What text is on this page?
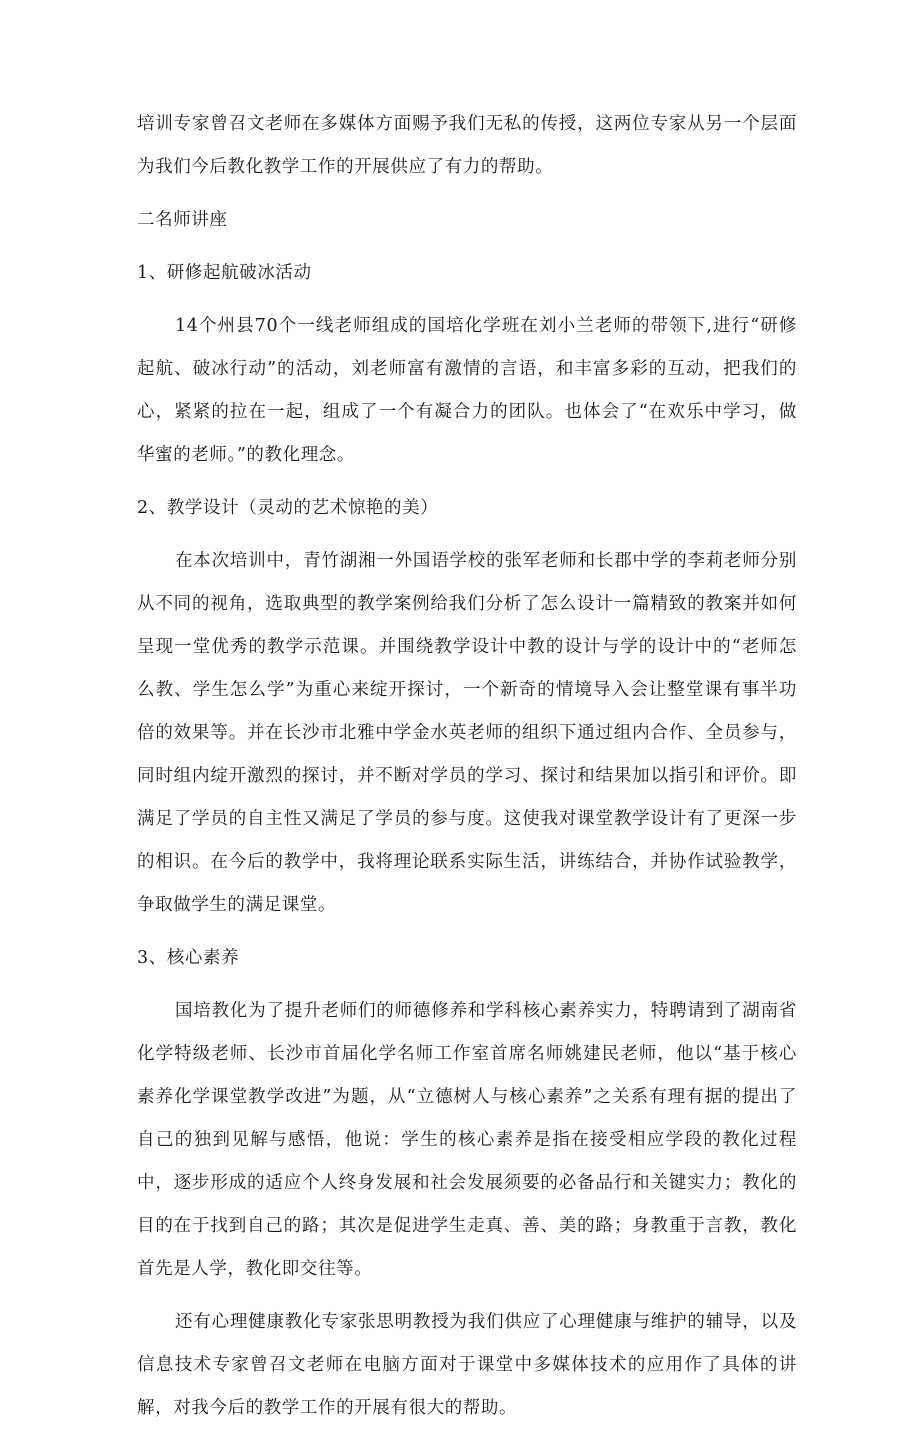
培训专家曾召文老师在多媒体方面赐予我们无私的传授，这两位专家从另一个层面为我们今后教化教学工作的开展供应了有力的帮助。

二名师讲座

1、研修起航破冰活动

14个州县70个一线老师组成的国培化学班在刘小兰老师的带领下,进行“研修起航、破冰行动”的活动，刘老师富有激情的言语，和丰富多彩的互动，把我们的心，紧紧的拉在一起，组成了一个有凝合力的团队。也体会了“在欢乐中学习，做华蜜的老师。”的教化理念。

2、教学设计（灵动的艺术惊艳的美）

在本次培训中，青竹湖湘一外国语学校的张军老师和长郡中学的李莉老师分别从不同的视角，选取典型的教学案例给我们分析了怎么设计一篇精致的教案并如何呈现一堂优秀的教学示范课。并围绕教学设计中教的设计与学的设计中的“老师怎么教、学生怎么学”为重心来绽开探讨，一个新奇的情境导入会让整堂课有事半功倍的效果等。并在长沙市北雅中学金水英老师的组织下通过组内合作、全员参与，同时组内绽开激烈的探讨，并不断对学员的学习、探讨和结果加以指引和评价。即满足了学员的自主性又满足了学员的参与度。这使我对课堂教学设计有了更深一步的相识。在今后的教学中，我将理论联系实际生活，讲练结合，并协作试验教学，争取做学生的满足课堂。

3、核心素养

国培教化为了提升老师们的师德修养和学科核心素养实力，特聘请到了湖南省化学特级老师、长沙市首届化学名师工作室首席名师姚建民老师，他以“基于核心素养化学课堂教学改进”为题，从“立德树人与核心素养”之关系有理有据的提出了自己的独到见解与感悟，他说：学生的核心素养是指在接受相应学段的教化过程中，逐步形成的适应个人终身发展和社会发展须要的必备品行和关键实力；教化的目的在于找到自己的路；其次是促进学生走真、善、美的路；身教重于言教，教化首先是人学，教化即交往等。

还有心理健康教化专家张思明教授为我们供应了心理健康与维护的辅导，以及信息技术专家曾召文老师在电脑方面对于课堂中多媒体技术的应用作了具体的讲解，对我今后的教学工作的开展有很大的帮助。
